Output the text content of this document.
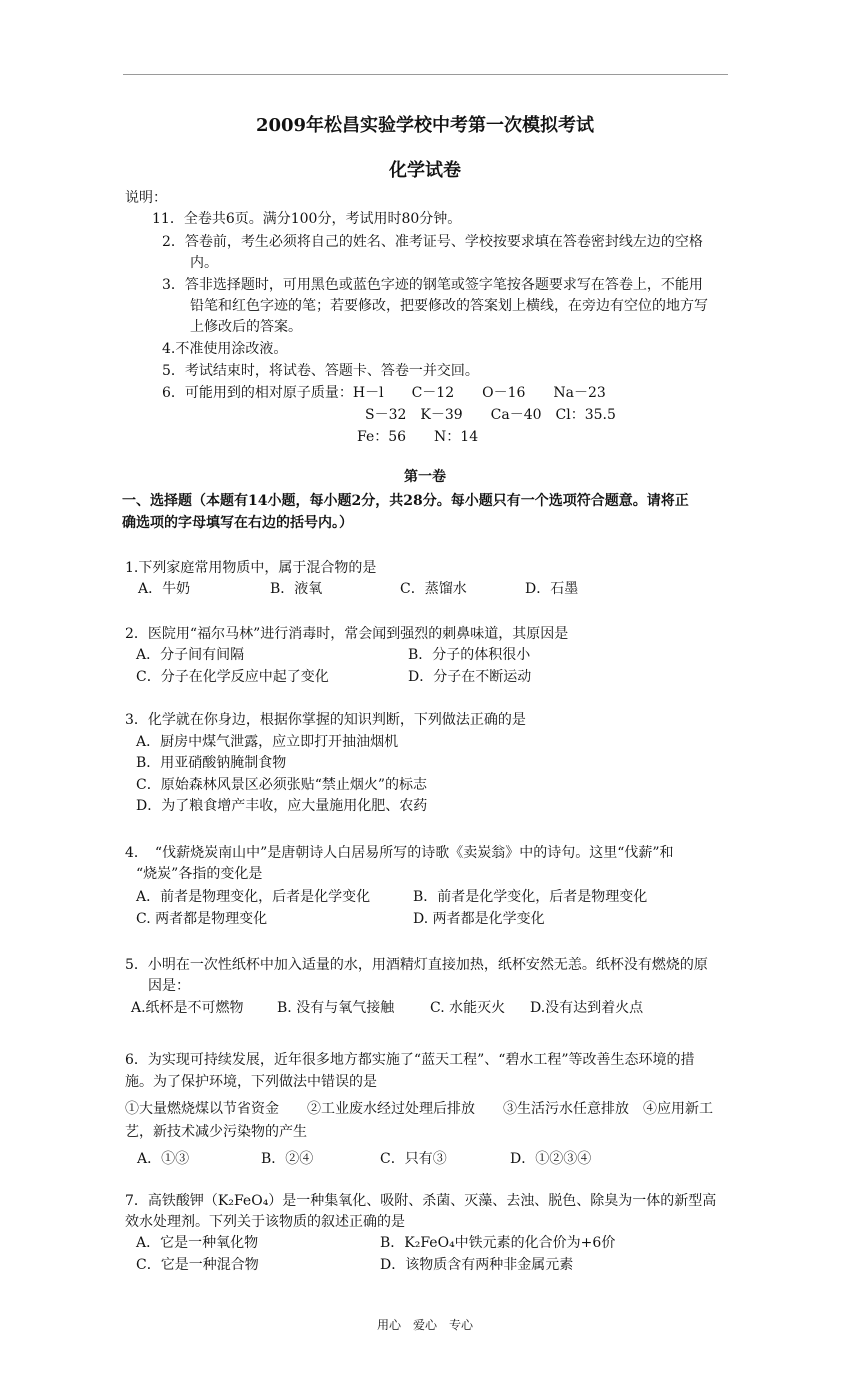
2009年松昌实验学校中考第一次模拟考试
化学试卷
说明：
11．全卷共6页。满分100分，考试用时80分钟。
2．答卷前，考生必须将自己的姓名、准考证号、学校按要求填在答卷密封线左边的空格
内。
3．答非选择题时，可用黑色或蓝色字迹的钢笔或签字笔按各题要求写在答卷上，不能用
铅笔和红色字迹的笔；若要修改，把要修改的答案划上横线，在旁边有空位的地方写
上修改后的答案。
4.不准使用涂改液。
5．考试结束时，将试卷、答题卡、答卷一并交回。
6．可能用到的相对原子质量：H－l　　C－12　　O－16　　Na－23
S－32　K－39　　Ca－40　Cl：35.5
Fe：56　　N：14
第一卷
一、选择题（本题有14小题，每小题2分，共28分。每小题只有一个选项符合题意。请将正
确选项的字母填写在右边的括号内。）
1.下列家庭常用物质中，属于混合物的是
A．牛奶	B．液氧	C．蒸馏水	D．石墨
2．医院用“福尔马林”进行消毒时，常会闻到强烈的刺鼻味道，其原因是
A．分子间有间隔	B．分子的体积很小
C．分子在化学反应中起了变化	D．分子在不断运动
3．化学就在你身边，根据你掌握的知识判断，下列做法正确的是
A．厨房中煤气泄露，应立即打开抽油烟机
B．用亚硝酸钠腌制食物
C．原始森林风景区必须张贴“禁止烟火”的标志
D．为了粮食增产丰收，应大量施用化肥、农药
4．　“伐薪烧炭南山中”是唐朝诗人白居易所写的诗歌《卖炭翁》中的诗句。这里“伐薪”和
“烧炭”各指的变化是
A．前者是物理变化，后者是化学变化	B．前者是化学变化，后者是物理变化
C. 两者都是物理变化	D. 两者都是化学变化
5．小明在一次性纸杯中加入适量的水，用酒精灯直接加热，纸杯安然无恙。纸杯没有燃烧的原
因是：
A.纸杯是不可燃物 B. 没有与氧气接触	C. 水能灭火 D.没有达到着火点
6．为实现可持续发展，近年很多地方都实施了“蓝天工程”、“碧水工程”等改善生态环境的措
施。为了保护环境，下列做法中错误的是
①大量燃烧煤以节省资金　　②工业废水经过处理后排放　　③生活污水任意排放　④应用新工
艺，新技术减少污染物的产生
A．①③	B．②④	C．只有③	D．①②③④
7．高铁酸钾（K₂FeO₄）是一种集氧化、吸附、杀菌、灭藻、去浊、脱色、除臭为一体的新型高
效水处理剂。下列关于该物质的叙述正确的是
A．它是一种氧化物	B．K₂FeO₄中铁元素的化合价为+6价
C．它是一种混合物	D．该物质含有两种非金属元素
用心　爱心　专心
